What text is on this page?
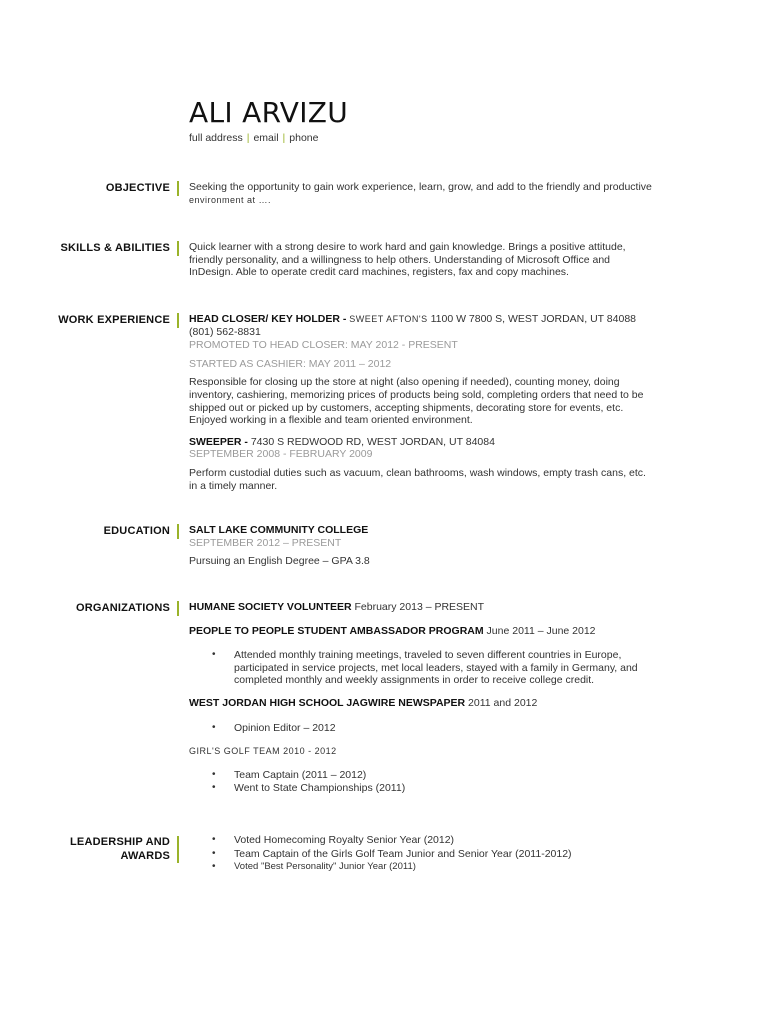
ALI ARVIZU
full address | email | phone
OBJECTIVE Seeking the opportunity to gain work experience, learn, grow, and add to the friendly and productive

environment at ….

SKILLS & ABILITIES Quick learner with a strong desire to work hard and gain knowledge. Brings a positive attitude, friendly personality, and a willingness to help others. Understanding of Microsoft Office and InDesign. Able to operate credit card machines, registers, fax and copy machines.
WORK EXPERIENCE HEAD CLOSER/ KEY HOLDER - SWEET AFTON'S 1100 W 7800 S, WEST JORDAN, UT 84088

(801) 562-8831

PROMOTED TO HEAD CLOSER: MAY 2012 - PRESENT

STARTED AS CASHIER: MAY 2011 – 2012

Responsible for closing up the store at night (also opening if needed), counting money, doing inventory, cashiering, memorizing prices of products being sold, completing orders that need to be shipped out or picked up by customers, accepting shipments, decorating store for events, etc. Enjoyed working in a flexible and team oriented environment.

SWEEPER - 7430 S REDWOOD RD, WEST JORDAN, UT 84084

SEPTEMBER 2008 - FEBRUARY 2009

Perform custodial duties such as vacuum, clean bathrooms, wash windows, empty trash cans, etc. in a timely manner.

EDUCATION SALT LAKE COMMUNITY COLLEGE

SEPTEMBER 2012 – PRESENT

Pursuing an English Degree – GPA 3.8

ORGANIZATIONS HUMANE SOCIETY VOLUNTEER February 2013 – PRESENT

PEOPLE TO PEOPLE STUDENT AMBASSADOR PROGRAM June 2011 – June 2012

• Attended monthly training meetings, traveled to seven different countries in Europe, participated in service projects, met local leaders, stayed with a family in Germany, and completed monthly and weekly assignments in order to receive college credit.

WEST JORDAN HIGH SCHOOL JAGWIRE NEWSPAPER 2011 and 2012

• Opinion Editor – 2012

GIRL'S GOLF TEAM 2010 - 2012

• Team Captain (2011 – 2012)
• Went to State Championships (2011)
LEADERSHIP AND
AWARDS
• Voted Homecoming Royalty Senior Year (2012)
• Team Captain of the Girls Golf Team Junior and Senior Year (2011-2012)
• Voted "Best Personality" Junior Year (2011)
